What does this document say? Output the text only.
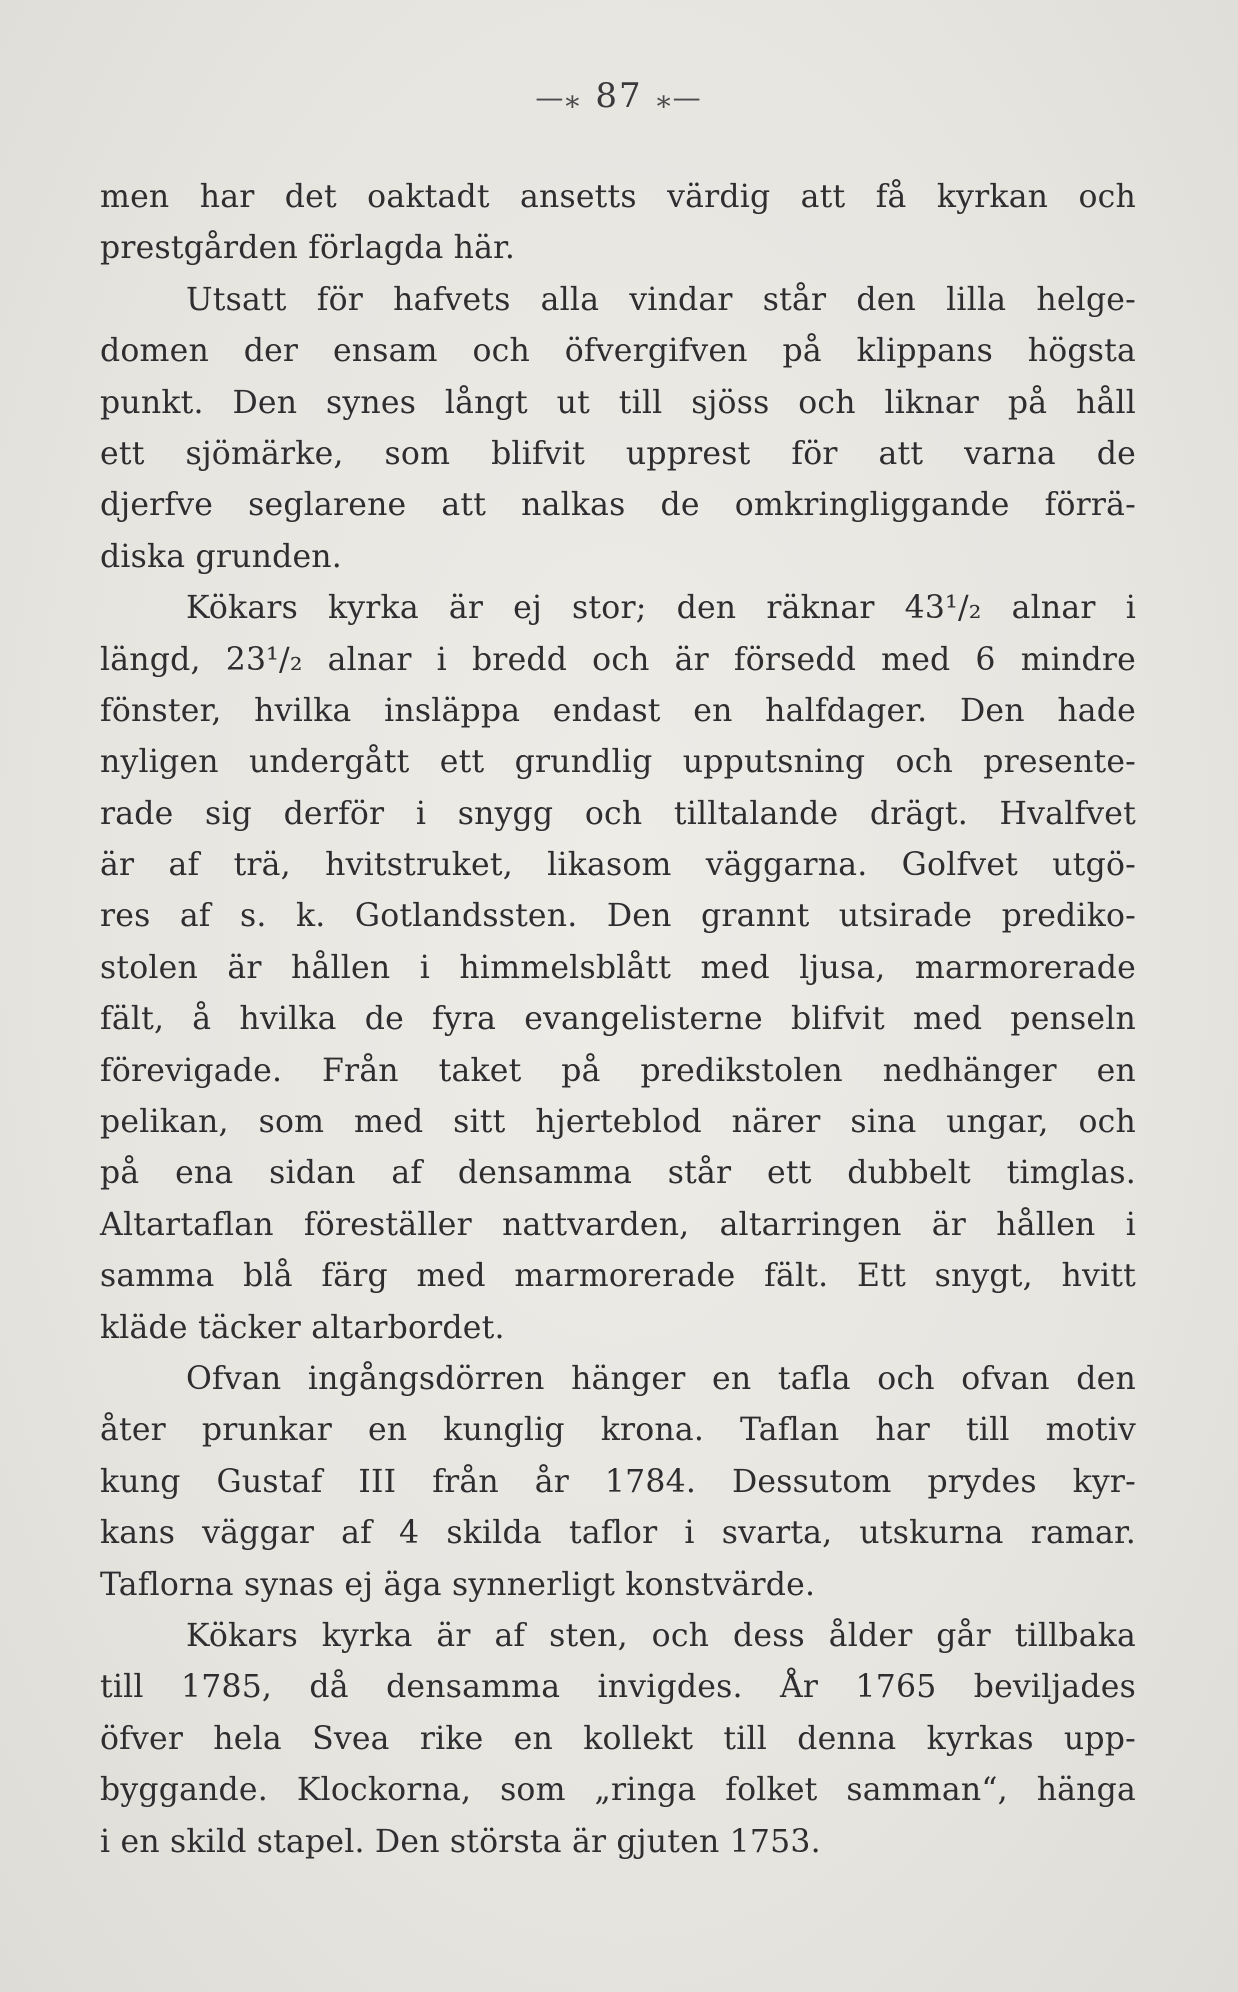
—⁎ 87 ⁎—
men har det oaktadt ansetts värdig att få kyrkan och
prestgården förlagda här.
Utsatt för hafvets alla vindar står den lilla helge-
domen der ensam och öfvergifven på klippans högsta
punkt. Den synes långt ut till sjöss och liknar på håll
ett sjömärke, som blifvit upprest för att varna de
djerfve seglarene att nalkas de omkringliggande förrä-
diska grunden.
Kökars kyrka är ej stor; den räknar 43¹/₂ alnar i
längd, 23¹/₂ alnar i bredd och är försedd med 6 mindre
fönster, hvilka insläppa endast en halfdager. Den hade
nyligen undergått ett grundlig upputsning och presente-
rade sig derför i snygg och tilltalande drägt. Hvalfvet
är af trä, hvitstruket, likasom väggarna. Golfvet utgö-
res af s. k. Gotlandssten. Den grannt utsirade prediko-
stolen är hållen i himmelsblått med ljusa, marmorerade
fält, å hvilka de fyra evangelisterne blifvit med penseln
förevigade. Från taket på predikstolen nedhänger en
pelikan, som med sitt hjerteblod närer sina ungar, och
på ena sidan af densamma står ett dubbelt timglas.
Altartaflan föreställer nattvarden, altarringen är hållen i
samma blå färg med marmorerade fält. Ett snygt, hvitt
kläde täcker altarbordet.
Ofvan ingångsdörren hänger en tafla och ofvan den
åter prunkar en kunglig krona. Taflan har till motiv
kung Gustaf III från år 1784. Dessutom prydes kyr-
kans väggar af 4 skilda taflor i svarta, utskurna ramar.
Taflorna synas ej äga synnerligt konstvärde.
Kökars kyrka är af sten, och dess ålder går tillbaka
till 1785, då densamma invigdes. År 1765 beviljades
öfver hela Svea rike en kollekt till denna kyrkas upp-
byggande. Klockorna, som „ringa folket samman“, hänga
i en skild stapel. Den största är gjuten 1753.
